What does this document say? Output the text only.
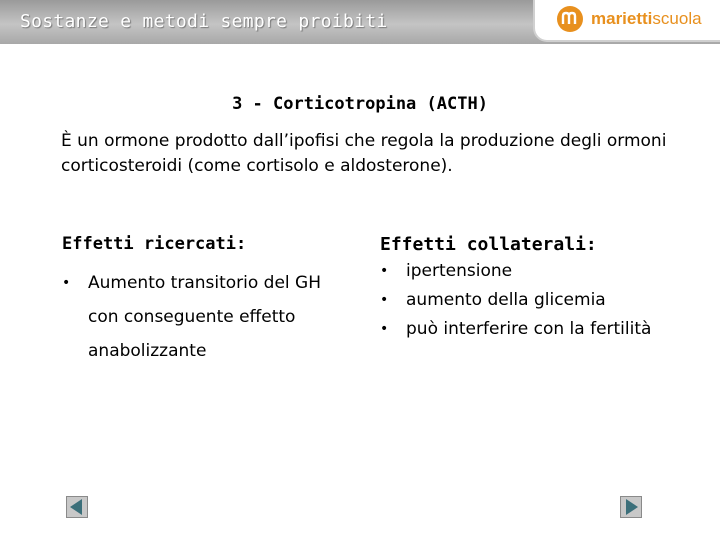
Sostanze e metodi sempre proibiti	mariettiscuola
3 - Corticotropina (ACTH)
È un ormone prodotto dall’ipofisi che regola la produzione degli ormoni corticosteroidi (come cortisolo e aldosterone).
Effetti ricercati:
• Aumento transitorio del GH con conseguente effetto anabolizzante
Effetti collaterali:
• ipertensione
• aumento della glicemia
• può interferire con la fertilità
